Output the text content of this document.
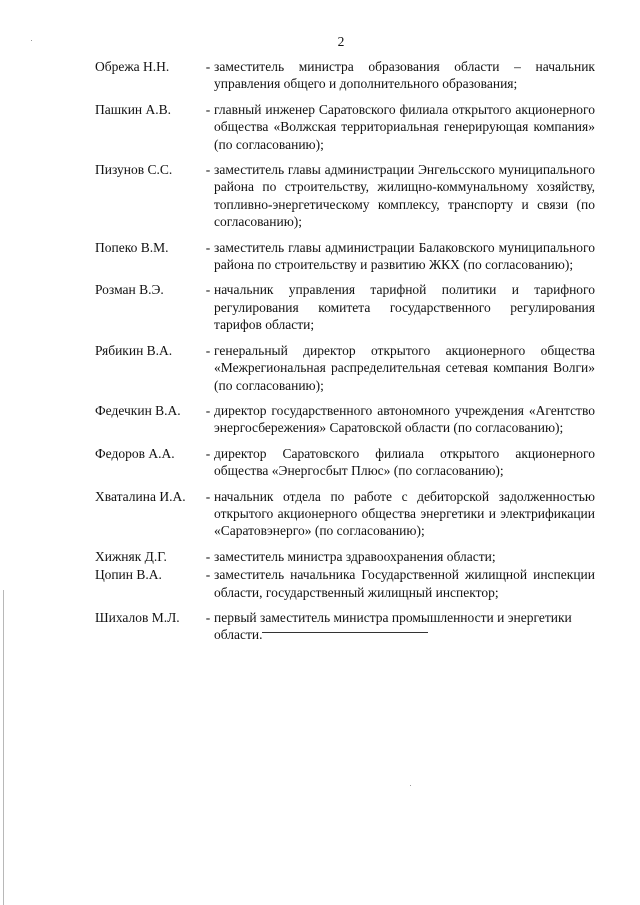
2
Обрежа Н.Н.	- заместитель министра образования области – начальник управления общего и дополнительного образования;
Пашкин А.В.	- главный инженер Саратовского филиала открытого акционерного общества «Волжская территориальная генерирующая компания» (по согласованию);
Пизунов С.С.	- заместитель главы администрации Энгельсского муниципального района по строительству, жилищно-коммунальному хозяйству, топливно-энергетическому комплексу, транспорту и связи (по согласованию);
Попеко В.М.	- заместитель главы администрации Балаковского муниципального района по строительству и развитию ЖКХ (по согласованию);
Розман В.Э.	- начальник управления тарифной политики и тарифного регулирования комитета государственного регулирования тарифов области;
Рябикин В.А.	- генеральный директор открытого акционерного общества «Межрегиональная распределительная сетевая компания Волги» (по согласованию);
Федечкин В.А.	- директор государственного автономного учреждения «Агентство энергосбережения» Саратовской области (по согласованию);
Федоров А.А.	- директор Саратовского филиала открытого акционерного общества «Энергосбыт Плюс» (по согласованию);
Хваталина И.А.	- начальник отдела по работе с дебиторской задолженностью открытого акционерного общества энергетики и электрификации «Саратовэнерго» (по согласованию);
Хижняк Д.Г.	- заместитель министра здравоохранения области;
Цопин В.А.	- заместитель начальника Государственной жилищной инспекции области, государственный жилищный инспектор;
Шихалов М.Л.	- первый заместитель министра промышленности и энергетики области.
